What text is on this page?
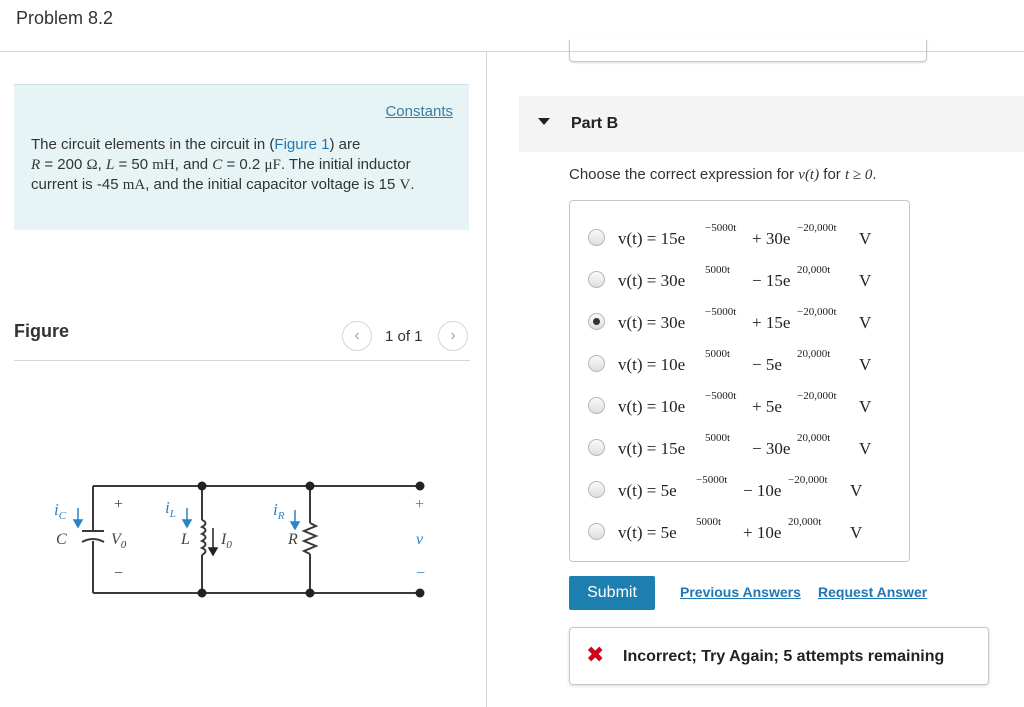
Problem 8.2
Constants
The circuit elements in the circuit in (Figure 1) are
R = 200 Ω, L = 50 mH, and C = 0.2 μF. The initial inductor current is -45 mA, and the initial capacitor voltage is 15 V.
Figure	‹	1 of 1	›
$i_C$
C
+
$V_0$
−
$i_L$
L $I_0$
$i_R$
R
+
v
−
Part B
Choose the correct expression for v(t) for t ≥ 0.
v(t) = 15e
−5000t
+ 30e
−20,000t
V
v(t) = 30e
5000t
− 15e
20,000t
V
v(t) = 30e
−5000t
+ 15e
−20,000t
V
v(t) = 10e
5000t
− 5e
20,000t
V
v(t) = 10e
−5000t
+ 5e
−20,000t
V
v(t) = 15e
5000t
− 30e
20,000t
V
v(t) = 5e
−5000t
− 10e
−20,000t
V
v(t) = 5e
5000t
+ 10e
20,000t
V
Submit	Previous Answers Request Answer
✖ Incorrect; Try Again; 5 attempts remaining
